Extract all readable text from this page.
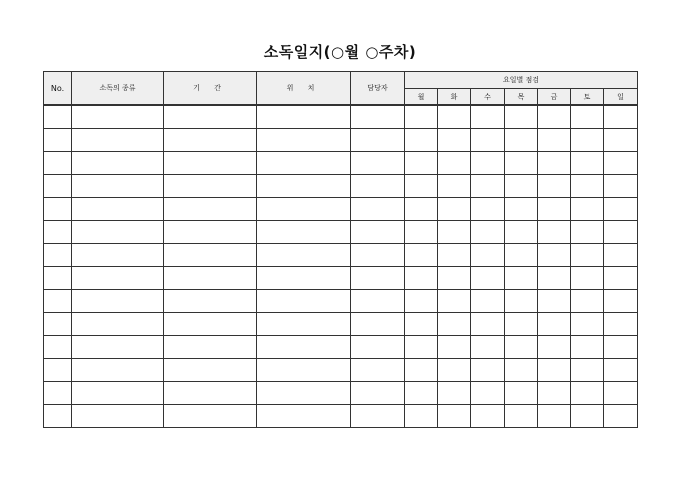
소독일지(○월 ○주차)
No.	소독의 종류	기 간	위 치	담당자	요일별 점검						
					월	화	수	목	금	토	일
